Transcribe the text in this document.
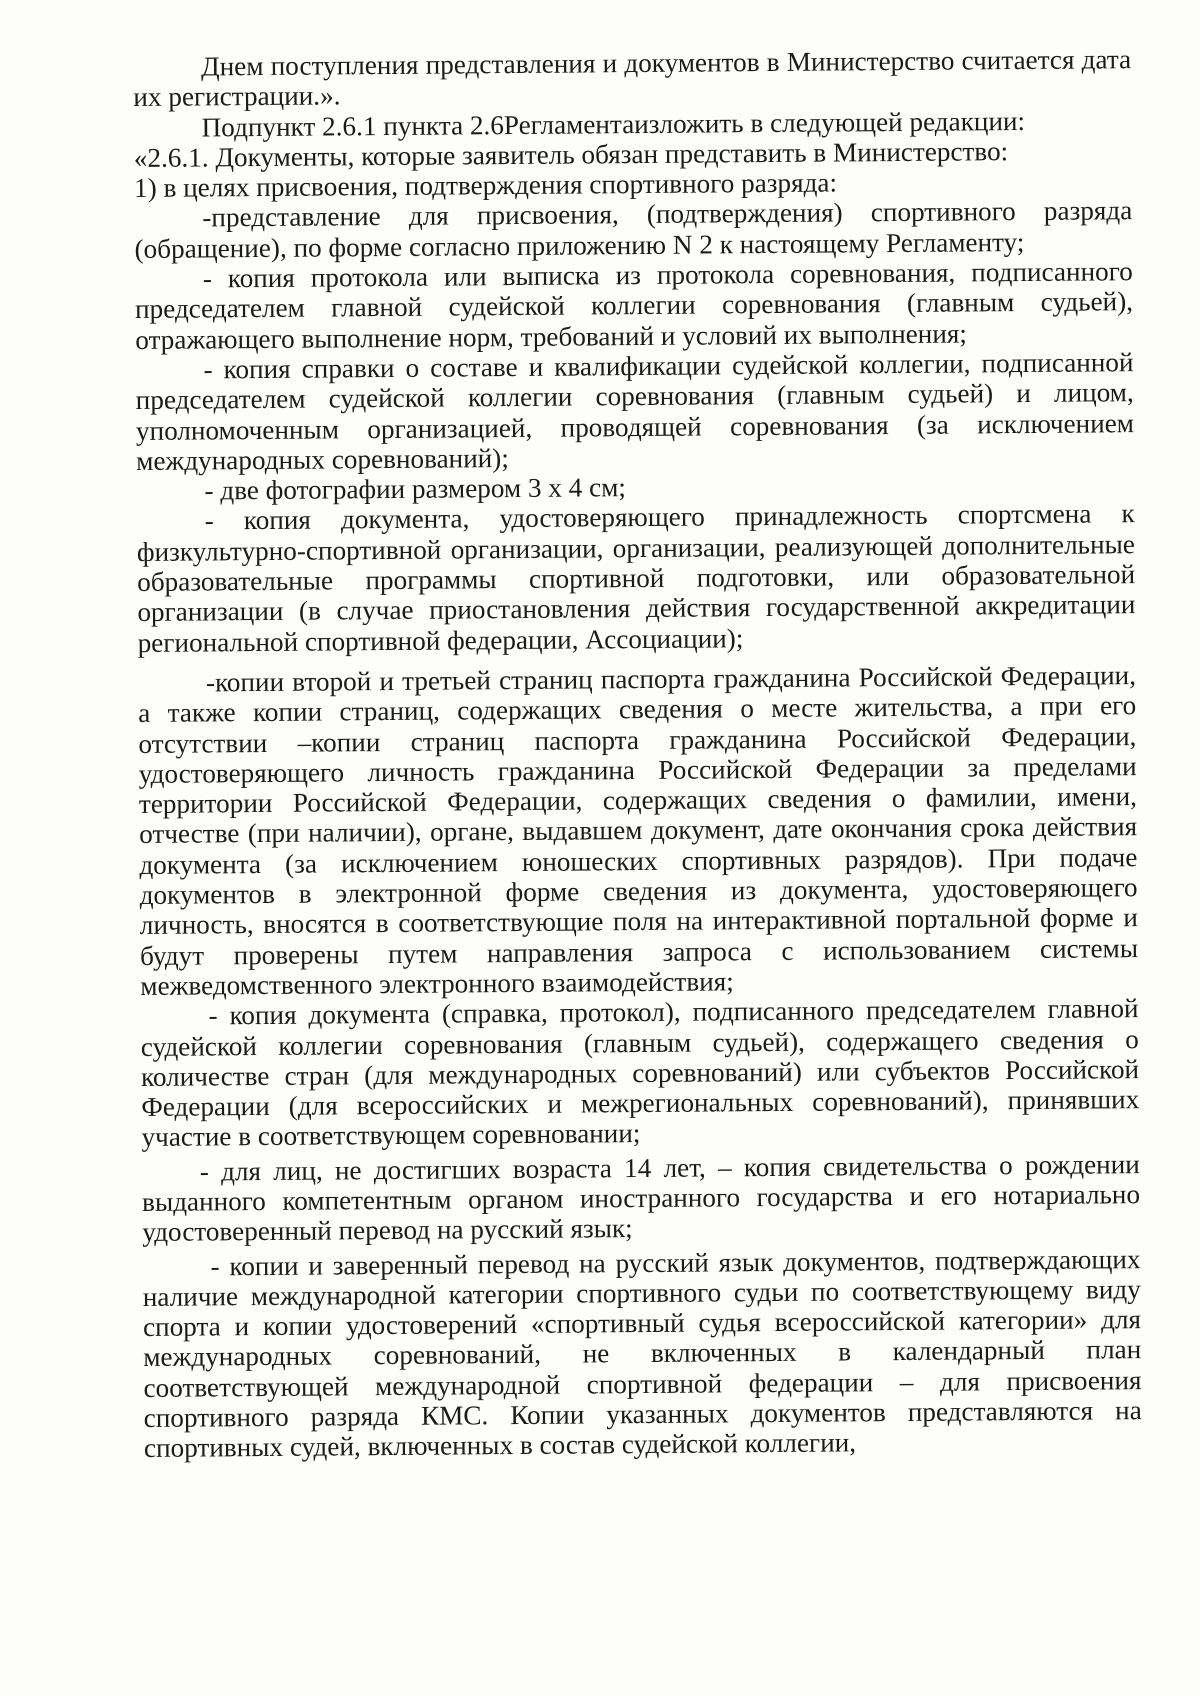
Днем поступления представления и документов в Министерство считается дата их регистрации.».

Подпункт 2.6.1 пункта 2.6Регламентаизложить в следующей редакции:

«2.6.1. Документы, которые заявитель обязан представить в Министерство:

1) в целях присвоения, подтверждения спортивного разряда:

-представление для присвоения, (подтверждения) спортивного разряда (обращение), по форме согласно приложению N 2 к настоящему Регламенту;

- копия протокола или выписка из протокола соревнования, подписанного председателем главной судейской коллегии соревнования (главным судьей), отражающего выполнение норм, требований и условий их выполнения;

- копия справки о составе и квалификации судейской коллегии, подписанной председателем судейской коллегии соревнования (главным судьей) и лицом, уполномоченным организацией, проводящей соревнования (за исключением международных соревнований);

- две фотографии размером 3 х 4 см;

- копия документа, удостоверяющего принадлежность спортсмена к физкультурно-спортивной организации, организации, реализующей дополнительные образовательные программы спортивной подготовки, или образовательной организации (в случае приостановления действия государственной аккредитации региональной спортивной федерации, Ассоциации);

-копии второй и третьей страниц паспорта гражданина Российской Федерации, а также копии страниц, содержащих сведения о месте жительства, а при его отсутствии –копии страниц паспорта гражданина Российской Федерации, удостоверяющего личность гражданина Российской Федерации за пределами территории Российской Федерации, содержащих сведения о фамилии, имени, отчестве (при наличии), органе, выдавшем документ, дате окончания срока действия документа (за исключением юношеских спортивных разрядов). При подаче документов в электронной форме сведения из документа, удостоверяющего личность, вносятся в соответствующие поля на интерактивной портальной форме и будут проверены путем направления запроса с использованием системы межведомственного электронного взаимодействия;

- копия документа (справка, протокол), подписанного председателем главной судейской коллегии соревнования (главным судьей), содержащего сведения о количестве стран (для международных соревнований) или субъектов Российской Федерации (для всероссийских и межрегиональных соревнований), принявших участие в соответствующем соревновании;

- для лиц, не достигших возраста 14 лет, – копия свидетельства о рождении выданного компетентным органом иностранного государства и его нотариально удостоверенный перевод на русский язык;

- копии и заверенный перевод на русский язык документов, подтверждающих наличие международной категории спортивного судьи по соответствующему виду спорта и копии удостоверений «спортивный судья всероссийской категории» для международных соревнований, не включенных в календарный план соответствующей международной спортивной федерации – для присвоения спортивного разряда КМС. Копии указанных документов представляются на спортивных судей, включенных в состав судейской коллегии,
